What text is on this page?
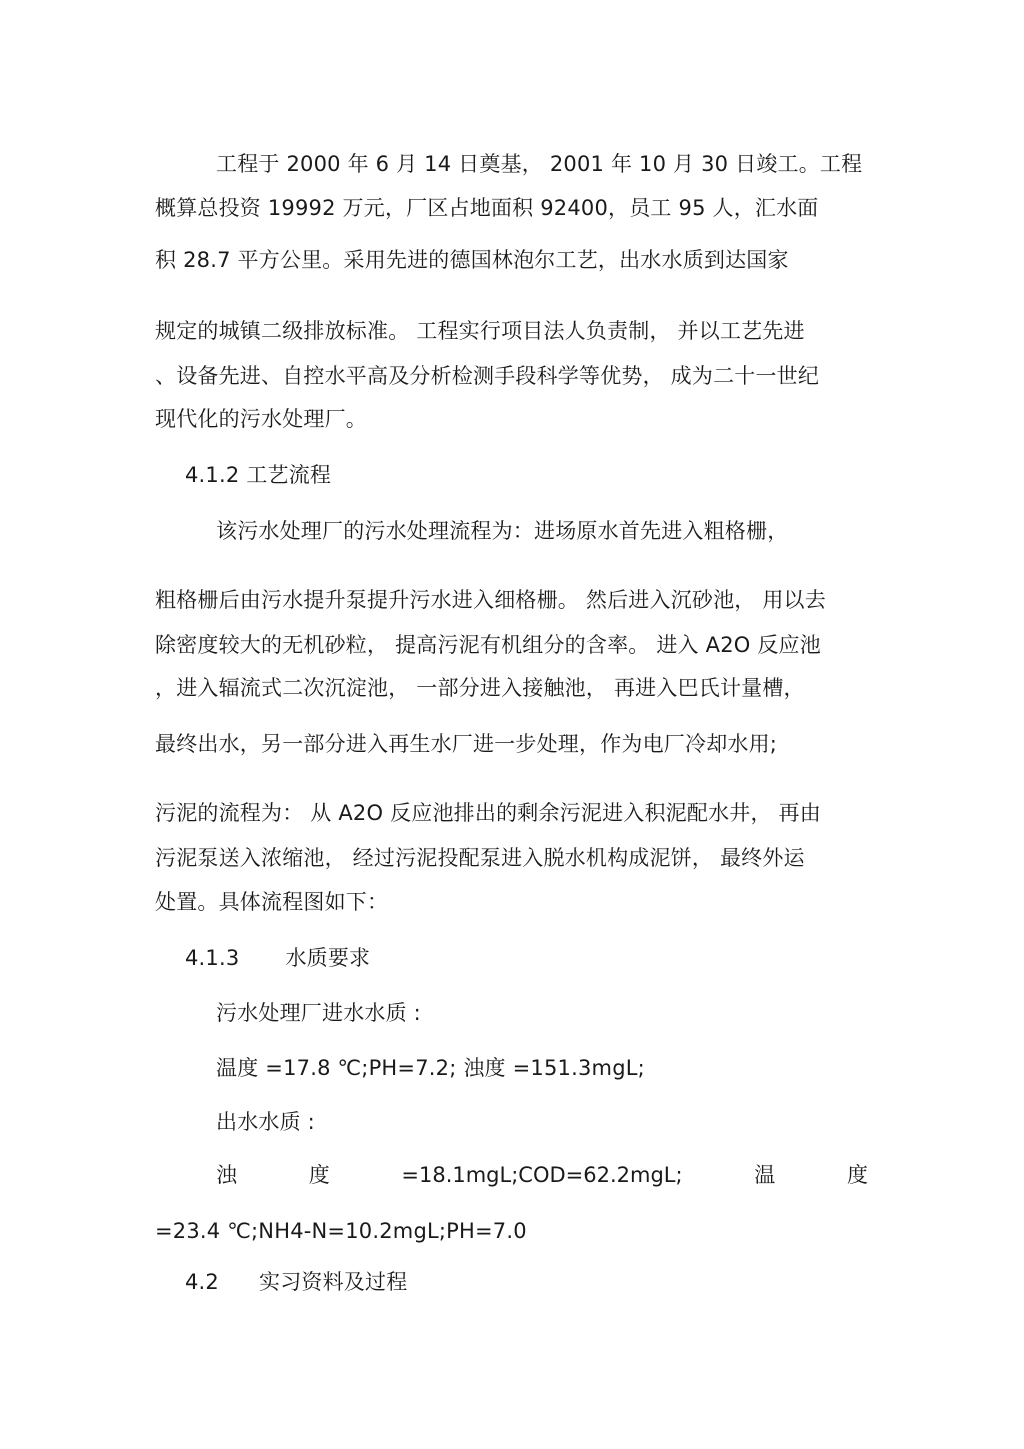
工程于 2000 年 6 月 14 日奠基， 2001 年 10 月 30 日竣工。工程
概算总投资 19992 万元，厂区占地面积 92400，员工 95 人，汇水面
积 28.7 平方公里。采用先进的德国林泡尔工艺，出水水质到达国家
规定的城镇二级排放标准。 工程实行项目法人负责制， 并以工艺先进
、设备先进、自控水平高及分析检测手段科学等优势， 成为二十一世纪
现代化的污水处理厂。
4.1.2 工艺流程
该污水处理厂的污水处理流程为：进场原水首先进入粗格栅，
粗格栅后由污水提升泵提升污水进入细格栅。 然后进入沉砂池， 用以去
除密度较大的无机砂粒， 提高污泥有机组分的含率。 进入 A2O 反应池
，进入辐流式二次沉淀池， 一部分进入接触池， 再进入巴氏计量槽，
最终出水，另一部分进入再生水厂进一步处理，作为电厂冷却水用;
污泥的流程为： 从 A2O 反应池排出的剩余污泥进入积泥配水井， 再由
污泥泵送入浓缩池， 经过污泥投配泵进入脱水机构成泥饼， 最终外运
处置。具体流程图如下：
4.1.3 水质要求
污水处理厂进水水质 :
温度 =17.8 ℃;PH=7.2; 浊度 =151.3mgL;
出水水质 :
浊	度	=18.1mgL;COD=62.2mgL;	温	度
=23.4 ℃;NH4-N=10.2mgL;PH=7.0
4.2 实习资料及过程
